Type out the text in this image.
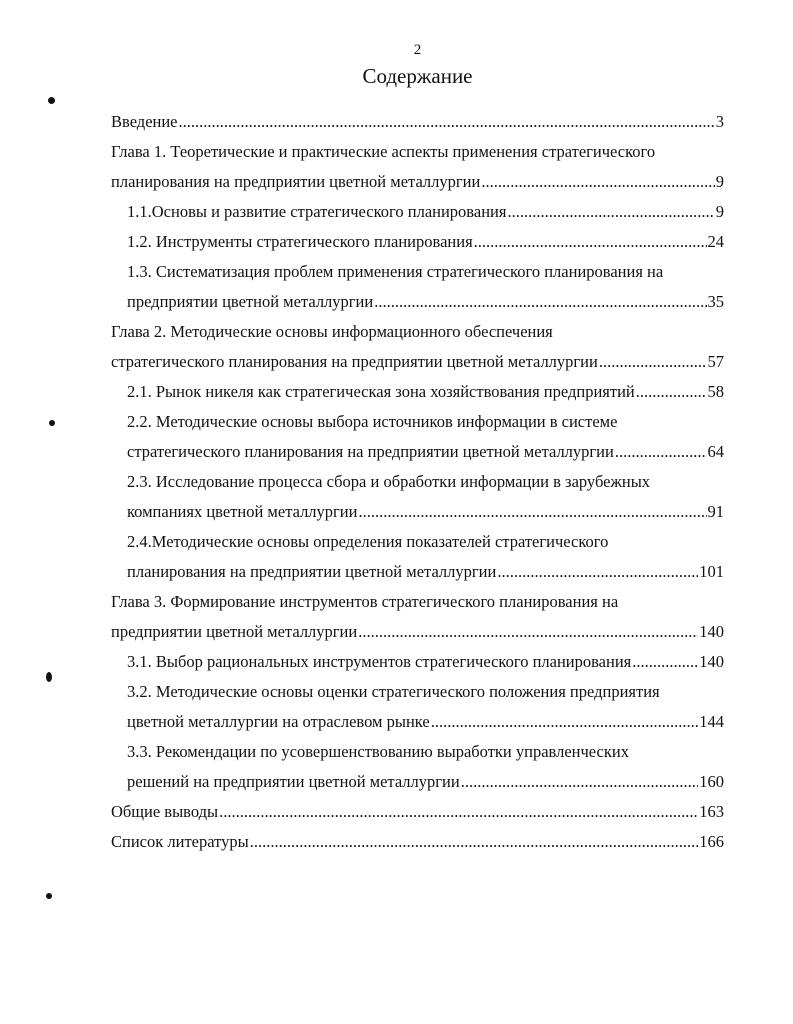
2
Содержание
Введение .....	3
Глава 1. Теоретические и практические аспекты применения стратегического
планирования на предприятии цветной металлургии .....	9
1.1.Основы и развитие стратегического планирования .....	9
1.2. Инструменты стратегического планирования .....	24
1.3. Систематизация проблем применения стратегического планирования на
предприятии цветной металлургии .....	35
Глава 2. Методические основы информационного обеспечения
стратегического планирования на предприятии цветной металлургии .....	57
2.1. Рынок никеля как стратегическая зона хозяйствования предприятий .....	58
2.2. Методические основы выбора источников информации в системе
стратегического планирования на предприятии цветной металлургии .....	64
2.3. Исследование процесса сбора и обработки информации в зарубежных
компаниях цветной металлургии .....	91
2.4.Методические основы определения показателей стратегического
планирования на предприятии цветной металлургии .....	101
Глава 3. Формирование инструментов стратегического планирования на
предприятии цветной металлургии .....	140
3.1. Выбор рациональных инструментов стратегического планирования .....	140
3.2. Методические основы оценки стратегического положения предприятия
цветной металлургии на отраслевом рынке .....	144
3.3. Рекомендации по усовершенствованию выработки управленческих
решений на предприятии цветной металлургии .....	160
Общие выводы .....	163
Список литературы .....	166
